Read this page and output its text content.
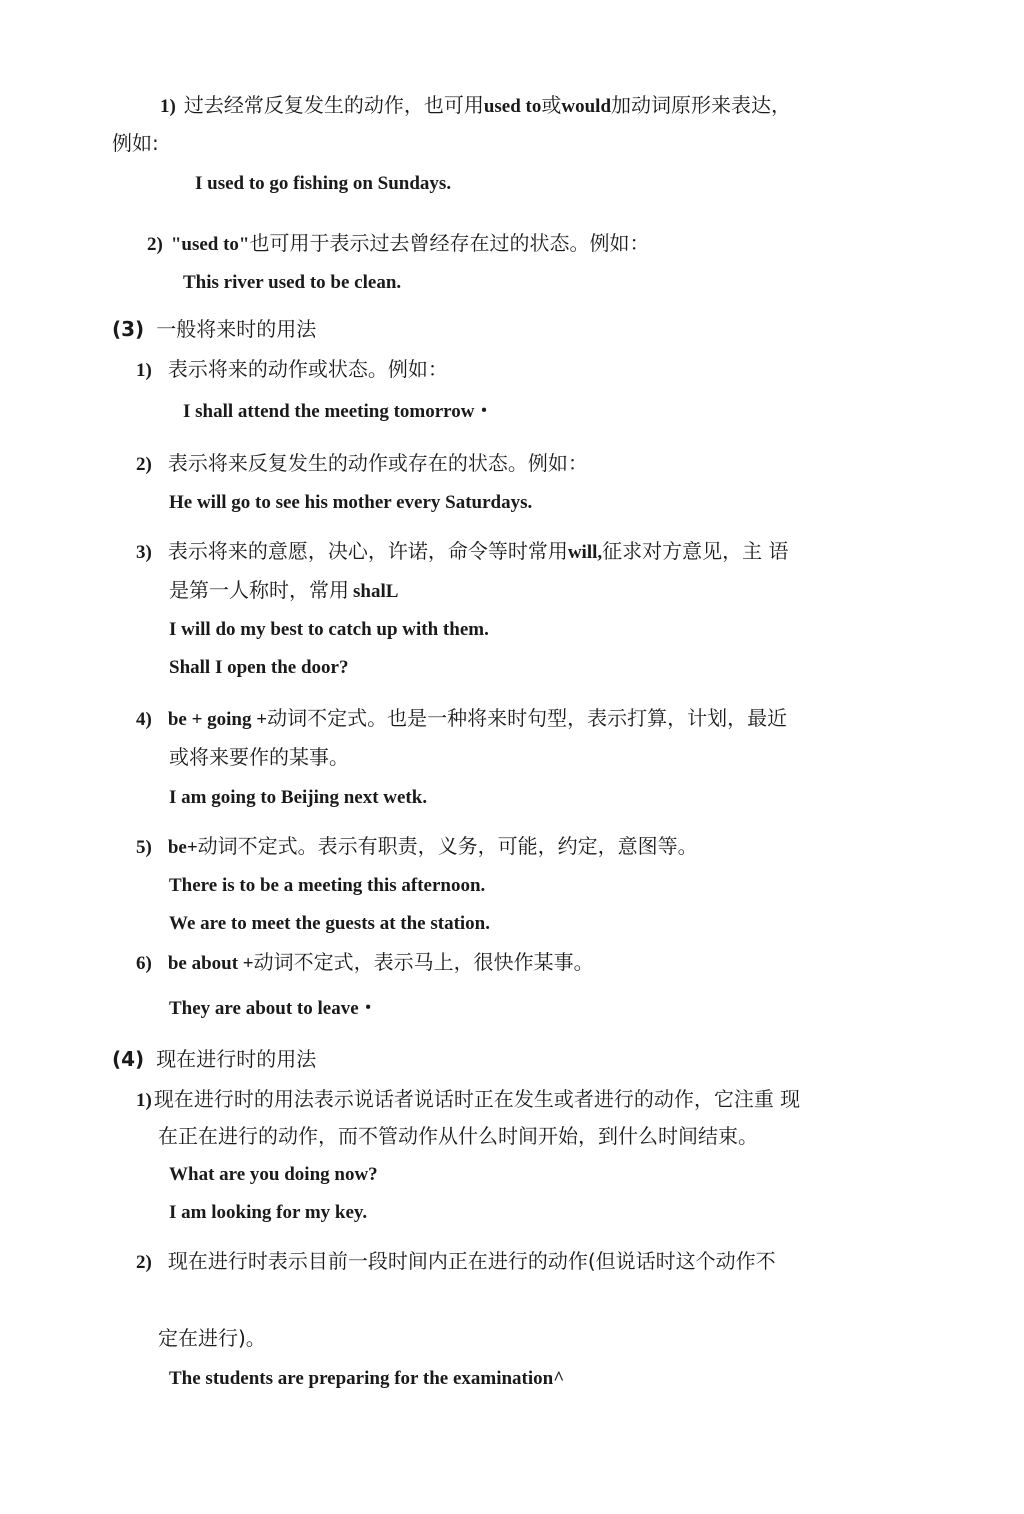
1) 过去经常反复发生的动作，也可用used to或would加动词原形来表达，
例如:
I used to go fishing on Sundays.
2) "used to"也可用于表示过去曾经存在过的状态。例如：
This river used to be clean.
(3) 一般将来时的用法
1) 表示将来的动作或状态。例如：
I shall attend the meeting tomorrow ･
2) 表示将来反复发生的动作或存在的状态。例如：
He will go to see his mother every Saturdays.
3) 表示将来的意愿，决心，许诺，命令等时常用will,征求对方意见，主 语
是第一人称时，常用 shalL
I will do my best to catch up with them.
Shall I open the door?
4) be + going +动词不定式。也是一种将来时句型，表示打算，计划，最近
或将来要作的某事。
I am going to Beijing next wetk.
5) be+动词不定式。表示有职责，义务，可能，约定，意图等。
There is to be a meeting this afternoon.
We are to meet the guests at the station.
6) be about +动词不定式，表示马上，很快作某事。
They are about to leave ･
(4) 现在进行时的用法
1) 现在进行时的用法表示说话者说话时正在发生或者进行的动作，它注重 现
在正在进行的动作，而不管动作从什么时间开始，到什么时间结束。
What are you doing now?
I am looking for my key.
2) 现在进行时表示目前一段时间内正在进行的动作(但说话时这个动作不
定在进行)。
The students are preparing for the examination^
